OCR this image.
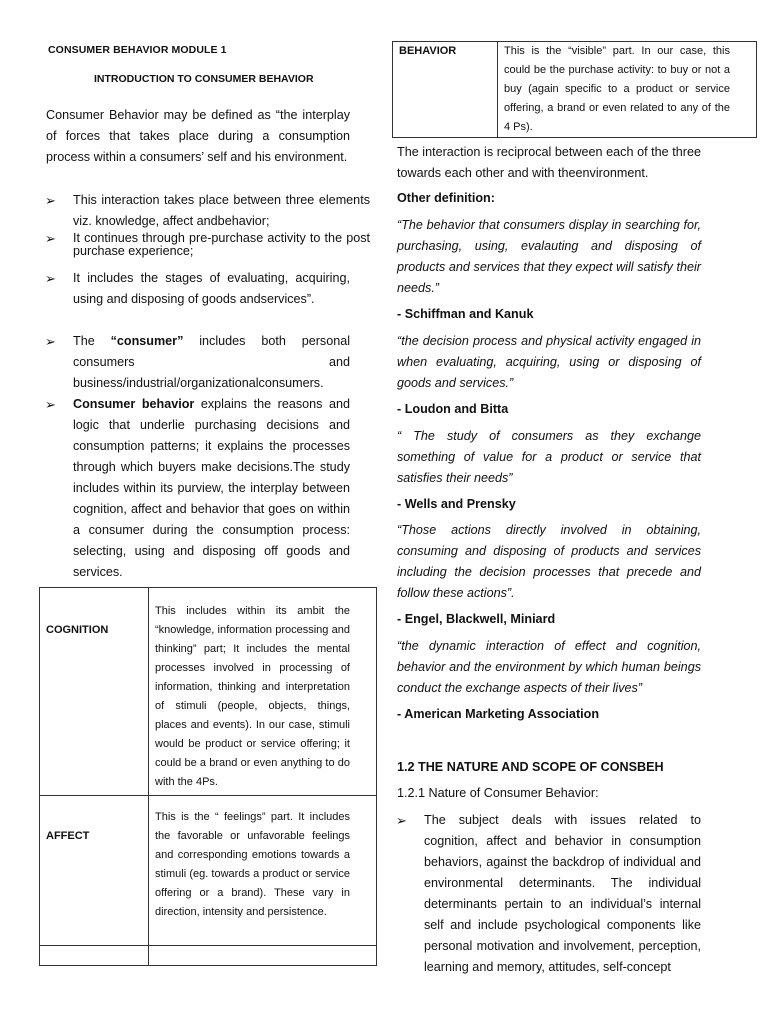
CONSUMER BEHAVIOR MODULE 1
INTRODUCTION TO CONSUMER BEHAVIOR
Consumer Behavior may be defined as “the interplay of forces that takes place during a consumption process within a consumers’ self and his environment.
➢ This interaction takes place between three elements viz. knowledge, affect andbehavior;
➢ It continues through pre-purchase activity to the post purchase experience;
➢ It includes the stages of evaluating, acquiring, using and disposing of goods andservices”.
➢ The “consumer” includes both personal consumers and business/industrial/organizationalconsumers.
➢ Consumer behavior explains the reasons and logic that underlie purchasing decisions and consumption patterns; it explains the processes through which buyers make decisions.The study includes within its purview, the interplay between cognition, affect and behavior that goes on within a consumer during the consumption process: selecting, using and disposing off goods and services.
COGNITION	This includes within its ambit the “knowledge, information processing and thinking” part; It includes the mental processes involved in processing of information, thinking and interpretation of stimuli (people, objects, things, places and events). In our case, stimuli would be product or service offering; it could be a brand or even anything to do with the 4Ps.
AFFECT	This is the “ feelings” part. It includes the favorable or unfavorable feelings and corresponding emotions towards a stimuli (eg. towards a product or service offering or a brand). These vary in direction, intensity and persistence.

BEHAVIOR	This is the “visible” part. In our case, this could be the purchase activity: to buy or not a buy (again specific to a product or service offering, a brand or even related to any of the 4 Ps).
The interaction is reciprocal between each of the three towards each other and with theenvironment.
Other definition:
“The behavior that consumers display in searching for, purchasing, using, evalauting and disposing of products and services that they expect will satisfy their needs.”
- Schiffman and Kanuk
“the decision process and physical activity engaged in when evaluating, acquiring, using or disposing of goods and services.”
- Loudon and Bitta
“ The study of consumers as they exchange something of value for a product or service that satisfies their needs”
- Wells and Prensky
“Those actions directly involved in obtaining, consuming and disposing of products and services including the decision processes that precede and follow these actions”.
- Engel, Blackwell, Miniard
“the dynamic interaction of effect and cognition, behavior and the environment by which human beings conduct the exchange aspects of their lives”
- American Marketing Association
1.2 THE NATURE AND SCOPE OF CONSBEH
1.2.1 Nature of Consumer Behavior:
➢ The subject deals with issues related to cognition, affect and behavior in consumption behaviors, against the backdrop of individual and environmental determinants. The individual determinants pertain to an individual’s internal self and include psychological components like personal motivation and involvement, perception, learning and memory, attitudes, self-concept
